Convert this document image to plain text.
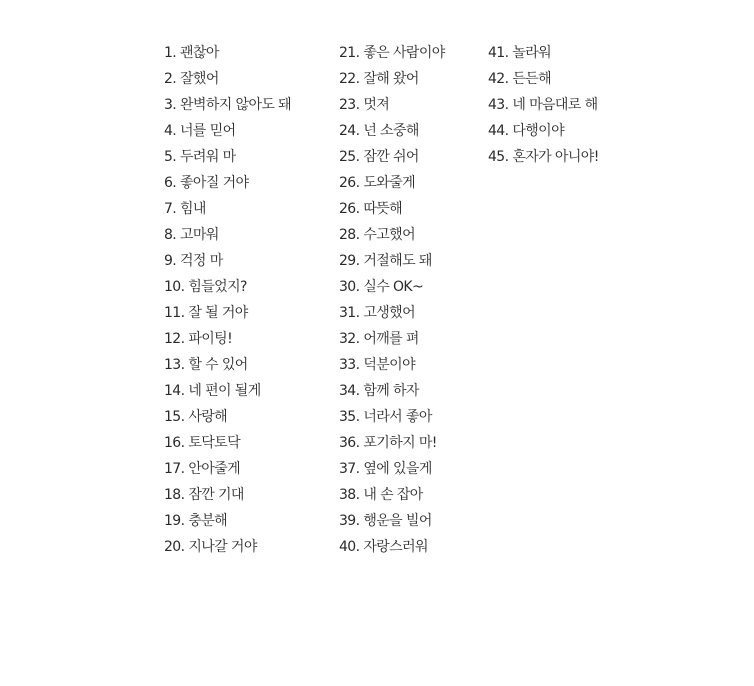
1. 괜찮아
2. 잘했어
3. 완벽하지 않아도 돼
4. 너를 믿어
5. 두려워 마
6. 좋아질 거야
7. 힘내
8. 고마워
9. 걱정 마
10. 힘들었지?
11. 잘 될 거야
12. 파이팅!
13. 할 수 있어
14. 네 편이 될게
15. 사랑해
16. 토닥토닥
17. 안아줄게
18. 잠깐 기대
19. 충분해
20. 지나갈 거야
21. 좋은 사람이야
22. 잘해 왔어
23. 멋져
24. 넌 소중해
25. 잠깐 쉬어
26. 도와줄게
26. 따뜻해
28. 수고했어
29. 거절해도 돼
30. 실수 OK~
31. 고생했어
32. 어깨를 펴
33. 덕분이야
34. 함께 하자
35. 너라서 좋아
36. 포기하지 마!
37. 옆에 있을게
38. 내 손 잡아
39. 행운을 빌어
40. 자랑스러워
41. 놀라워
42. 든든해
43. 네 마음대로 해
44. 다행이야
45. 혼자가 아니야!
